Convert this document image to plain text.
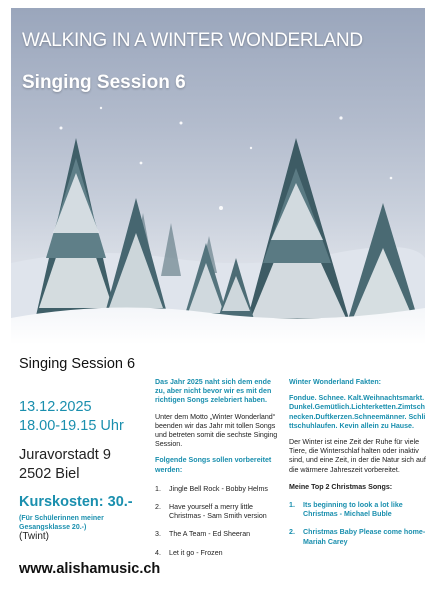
WALKING IN A WINTER WONDERLAND
Singing Session 6
Singing Session 6
13.12.2025
18.00-19.15 Uhr
Juravorstadt 9
2502 Biel
Kurskosten: 30.-
(Für Schülerinnen meiner Gesangsklasse 20.-)
(Twint)
www.alishamusic.ch

Das Jahr 2025 naht sich dem ende zu, aber nicht bevor wir es mit den richtigen Songs zelebriert haben.

Unter dem Motto „Winter Wonderland“ beenden wir das Jahr mit tollen Songs und betreten somit die sechste Singing Session.

Folgende Songs sollen vorbereitet werden:

1.	Jingle Bell Rock - Bobby Helms
2.	Have yourself a merry little Christmas - Sam Smith version
3.	The A Team - Ed Sheeran
4.	Let it go - Frozen

Winter Wonderland Fakten:

Fondue. Schnee. Kalt.Weihnachtsmarkt.Dunkel.Gemütlich.Lichterketten.Zimtschnecken.Duftkerzen.Schneemänner. Schlittschuhlaufen. Kevin allein zu Hause.

Der Winter ist eine Zeit der Ruhe für viele Tiere, die Winterschlaf halten oder inaktiv sind, und eine Zeit, in der die Natur sich auf die wärmere Jahreszeit vorbereitet.

Meine Top 2 Christmas Songs:
1.	Its beginning to look a lot like Christmas - Michael Buble
2.	Christmas Baby Please come home- Mariah Carey
